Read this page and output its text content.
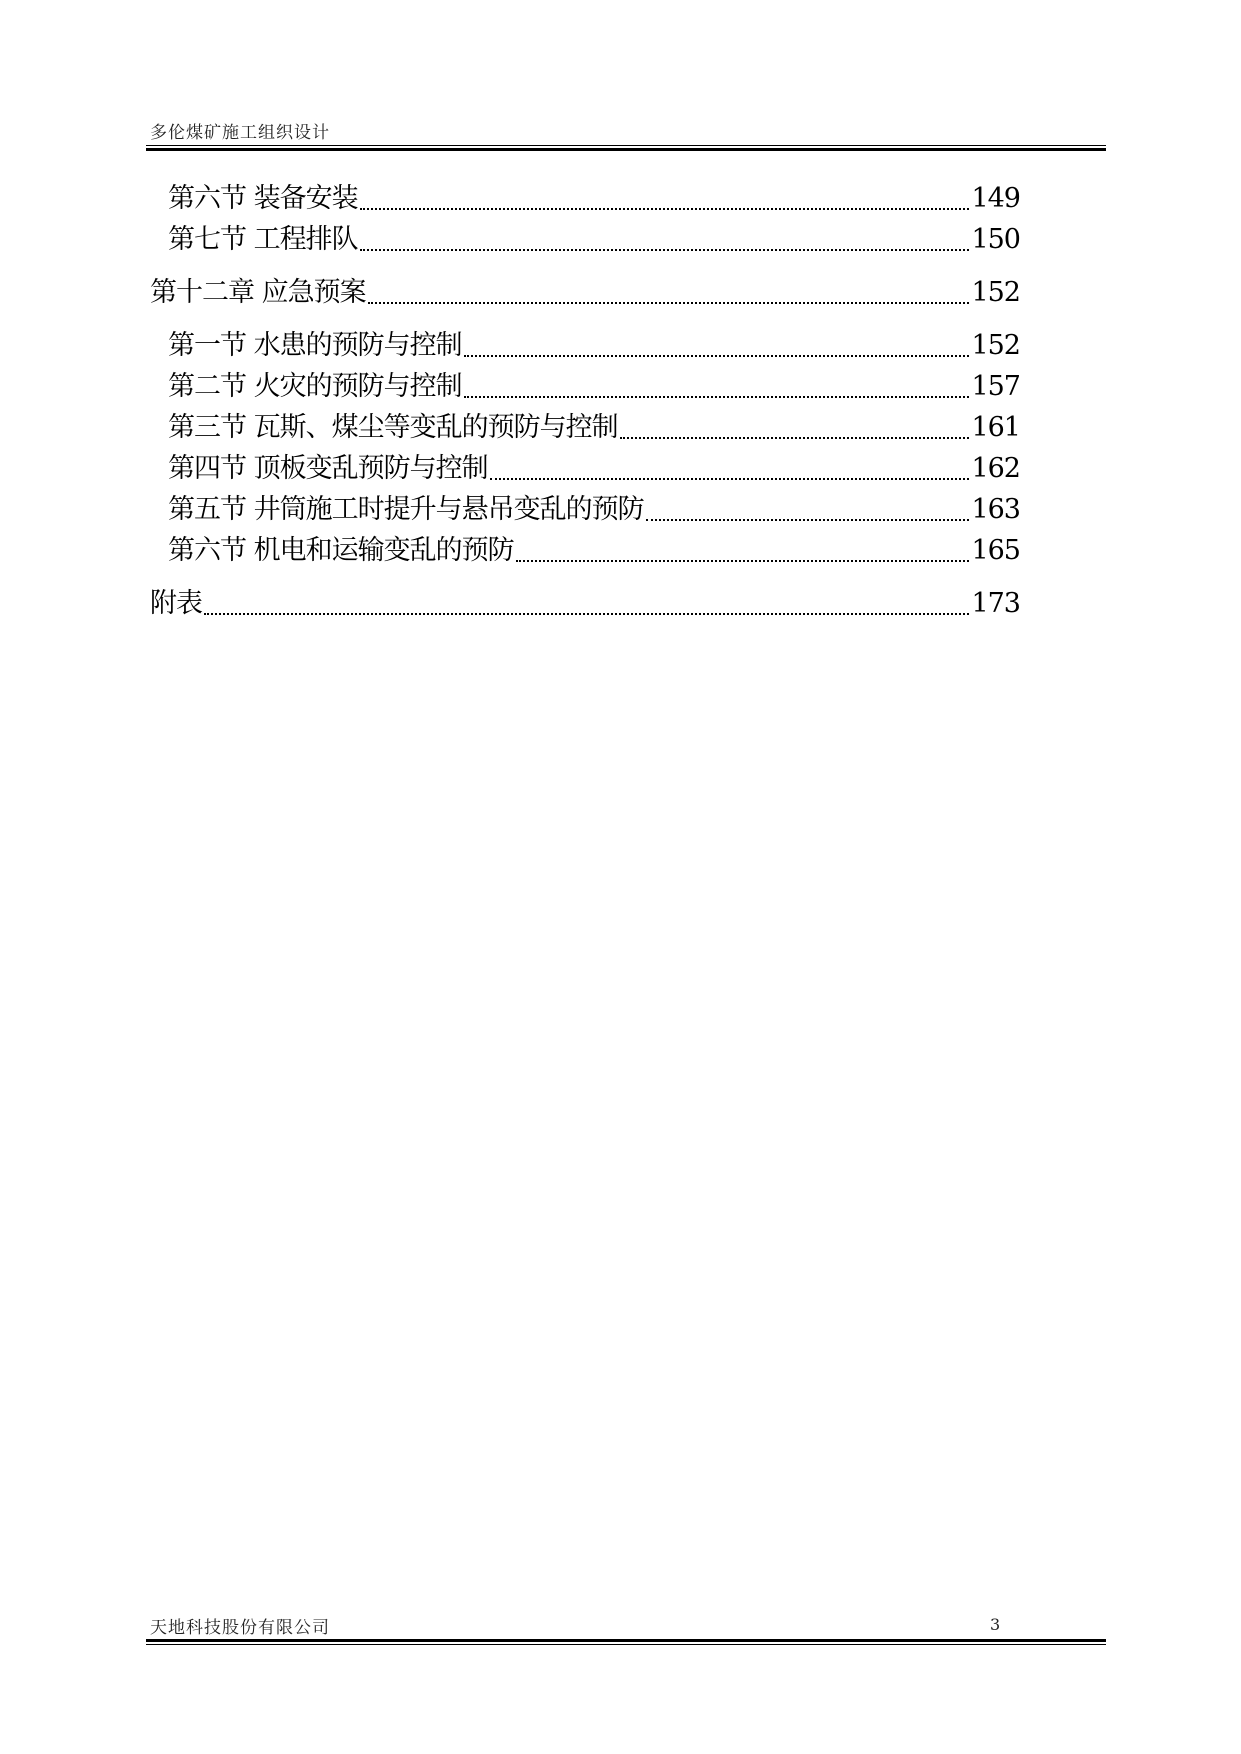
多伦煤矿施工组织设计
第六节 装备安装	149
第七节 工程排队	150
第十二章 应急预案	152
第一节 水患的预防与控制	152
第二节 火灾的预防与控制	157
第三节 瓦斯、煤尘等变乱的预防与控制	161
第四节 顶板变乱预防与控制	162
第五节 井筒施工时提升与悬吊变乱的预防	163
第六节 机电和运输变乱的预防	165
附表	173
天地科技股份有限公司	3
